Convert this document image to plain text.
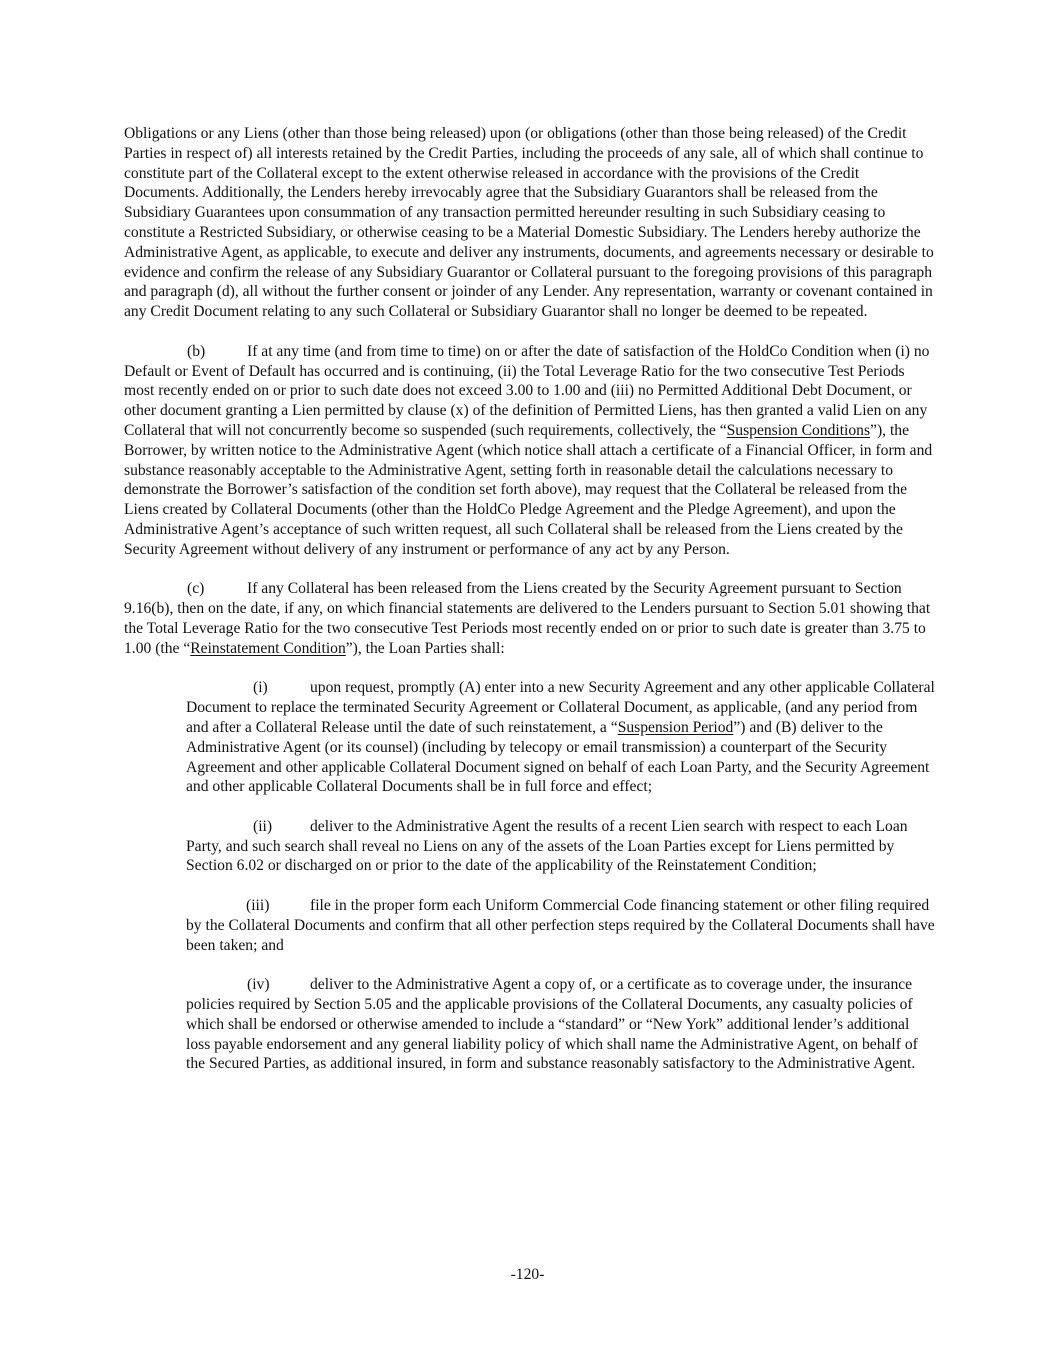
Obligations or any Liens (other than those being released) upon (or obligations (other than those being released) of the Credit Parties in respect of) all interests retained by the Credit Parties, including the proceeds of any sale, all of which shall continue to constitute part of the Collateral except to the extent otherwise released in accordance with the provisions of the Credit Documents. Additionally, the Lenders hereby irrevocably agree that the Subsidiary Guarantors shall be released from the Subsidiary Guarantees upon consummation of any transaction permitted hereunder resulting in such Subsidiary ceasing to constitute a Restricted Subsidiary, or otherwise ceasing to be a Material Domestic Subsidiary. The Lenders hereby authorize the Administrative Agent, as applicable, to execute and deliver any instruments, documents, and agreements necessary or desirable to evidence and confirm the release of any Subsidiary Guarantor or Collateral pursuant to the foregoing provisions of this paragraph and paragraph (d), all without the further consent or joinder of any Lender. Any representation, warranty or covenant contained in any Credit Document relating to any such Collateral or Subsidiary Guarantor shall no longer be deemed to be repeated.

(b)	If at any time (and from time to time) on or after the date of satisfaction of the HoldCo Condition when (i) no Default or Event of Default has occurred and is continuing, (ii) the Total Leverage Ratio for the two consecutive Test Periods most recently ended on or prior to such date does not exceed 3.00 to 1.00 and (iii) no Permitted Additional Debt Document, or other document granting a Lien permitted by clause (x) of the definition of Permitted Liens, has then granted a valid Lien on any Collateral that will not concurrently become so suspended (such requirements, collectively, the “Suspension Conditions”), the Borrower, by written notice to the Administrative Agent (which notice shall attach a certificate of a Financial Officer, in form and substance reasonably acceptable to the Administrative Agent, setting forth in reasonable detail the calculations necessary to demonstrate the Borrower’s satisfaction of the condition set forth above), may request that the Collateral be released from the Liens created by Collateral Documents (other than the HoldCo Pledge Agreement and the Pledge Agreement), and upon the Administrative Agent’s acceptance of such written request, all such Collateral shall be released from the Liens created by the Security Agreement without delivery of any instrument or performance of any act by any Person.

(c)	If any Collateral has been released from the Liens created by the Security Agreement pursuant to Section 9.16(b), then on the date, if any, on which financial statements are delivered to the Lenders pursuant to Section 5.01 showing that the Total Leverage Ratio for the two consecutive Test Periods most recently ended on or prior to such date is greater than 3.75 to 1.00 (the “Reinstatement Condition”), the Loan Parties shall:

(i)	upon request, promptly (A) enter into a new Security Agreement and any other applicable Collateral Document to replace the terminated Security Agreement or Collateral Document, as applicable, (and any period from and after a Collateral Release until the date of such reinstatement, a “Suspension Period”) and (B) deliver to the Administrative Agent (or its counsel) (including by telecopy or email transmission) a counterpart of the Security Agreement and other applicable Collateral Document signed on behalf of each Loan Party, and the Security Agreement and other applicable Collateral Documents shall be in full force and effect;

(ii) deliver to the Administrative Agent the results of a recent Lien search with respect to each Loan Party, and such search shall reveal no Liens on any of the assets of the Loan Parties except for Liens permitted by Section 6.02 or discharged on or prior to the date of the applicability of the Reinstatement Condition;

(iii)	file in the proper form each Uniform Commercial Code financing statement or other filing required by the Collateral Documents and confirm that all other perfection steps required by the Collateral Documents shall have been taken; and

(iv)	deliver to the Administrative Agent a copy of, or a certificate as to coverage under, the insurance policies required by Section 5.05 and the applicable provisions of the Collateral Documents, any casualty policies of which shall be endorsed or otherwise amended to include a “standard” or “New York” additional lender’s additional loss payable endorsement and any general liability policy of which shall name the Administrative Agent, on behalf of the Secured Parties, as additional insured, in form and substance reasonably satisfactory to the Administrative Agent.

-120-
